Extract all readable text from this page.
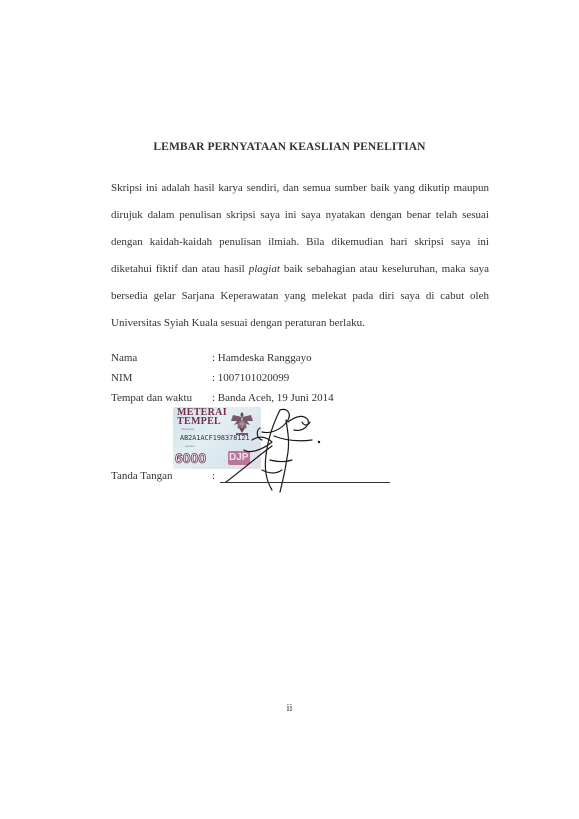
LEMBAR PERNYATAAN KEASLIAN PENELITIAN
Skripsi ini adalah hasil karya sendiri, dan semua sumber baik yang dikutip maupun
dirujuk dalam penulisan skripsi saya ini saya nyatakan dengan benar telah sesuai
dengan kaidah-kaidah penulisan ilmiah. Bila dikemudian hari skripsi saya ini
diketahui fiktif dan atau hasil plagiat baik sebahagian atau keseluruhan, maka saya
bersedia gelar Sarjana Keperawatan yang melekat pada diri saya di cabut oleh
Universitas Syiah Kuala sesuai dengan peraturan berlaku.
Nama	: Hamdeska Ranggayo
NIM	: 1007101020099
Tempat dan waktu : Banda Aceh, 19 Juni 2014
METERAI
TEMPEL
▪▪▪▪▪▪▪▪▪▪▪▪
AB2A1ACF198378121
▪▪▪▪▪▪▪▪▪
6000 DJP
Tanda Tangan	:
ii
